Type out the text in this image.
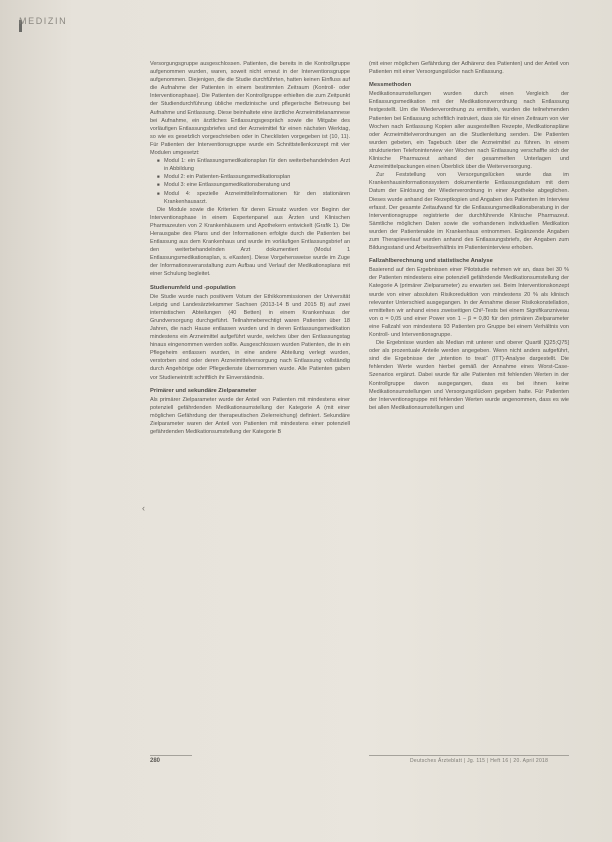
MEDIZIN

Versorgungsgruppe ausgeschlossen. Patienten, die bereits in die Kontrollgruppe aufgenommen wurden, waren, soweit nicht erneut in der Interventionsgruppe aufgenommen. Diejenigen, die die Studie durchführten, hatten keinen Einfluss auf die Aufnahme der Patienten in einem bestimmten Zeitraum (Kontroll- oder Interventionsphase). Die Patienten der Kontrollgruppe erhielten die zum Zeitpunkt der Studiendurchführung übliche medizinische und pflegerische Betreuung bei Aufnahme und Entlassung. Diese beinhaltete eine ärztliche Arzneimittelanamnese bei Aufnahme, ein ärztliches Entlassungsgespräch sowie die Mitgabe des vorläufigen Entlassungsbriefes und der Arzneimittel für einen nächsten Werktag, so wie es gesetzlich vorgeschrieben oder in Checklisten vorgegeben ist (10, 11). Für Patienten der Interventionsgruppe wurde ein Schnittstellenkonzept mit vier Modulen umgesetzt:

■ Modul 1: ein Entlassungsmedikationsplan für den weiterbehandelnden Arzt in Abbildung
■ Modul 2: ein Patienten-Entlassungsmedikationsplan
■ Modul 3: eine Entlassungsmedikationsberatung und
■ Modul 4: spezielle Arzneimittelinformationen für den stationären Krankenhausarzt.

Die Module sowie die Kriterien für deren Einsatz wurden vor Beginn der Interventionsphase in einem Expertenpanel aus Ärzten und Klinischen Pharmazeuten von 2 Krankenhäusern und Apothekern entwickelt (Grafik 1). Die Herausgabe des Plans und der Informationen erfolgte durch die Patienten bei Entlassung aus dem Krankenhaus und wurde im vorläufigen Entlassungsbrief an den weiterbehandelnden Arzt dokumentiert (Modul 1 Entlassungsmedikationsplan, s. eKasten). Diese Vorgehensweise wurde im Zuge der Informationsveranstaltung zum Aufbau und Verlauf der Medikationsplans mit einer Schulung begleitet.

Studienumfeld und -population

Die Studie wurde nach positivem Votum der Ethikkommissionen der Universität Leipzig und Landesärztekammer Sachsen (2013-14 B und 2015 B) auf zwei internistischen Abteilungen (40 Betten) in einem Krankenhaus der Grundversorgung durchgeführt. Teilnahmeberechtigt waren Patienten über 18 Jahren, die nach Hause entlassen wurden und in deren Entlassungsmedikation mindestens ein Arzneimittel aufgeführt wurde, welches über den Entlassungstag hinaus eingenommen werden sollte. Ausgeschlossen wurden Patienten, die in ein Pflegeheim entlassen wurden, in eine andere Abteilung verlegt wurden, verstorben sind oder deren Arzneimittelversorgung nach Entlassung vollständig durch Angehörige oder Pflegedienste übernommen wurde. Alle Patienten gaben vor Studieneintritt schriftlich ihr Einverständnis.

Primärer und sekundäre Zielparameter

Als primärer Zielparameter wurde der Anteil von Patienten mit mindestens einer potenziell gefährdenden Medikationsumstellung der Kategorie A (mit einer möglichen Gefährdung der therapeutischen Zielerreichung) definiert. Sekundäre Zielparameter waren der Anteil von Patienten mit mindestens einer potenziell gefährdenden Medikationsumstellung der Kategorie B

‹

(mit einer möglichen Gefährdung der Adhärenz des Patienten) und der Anteil von Patienten mit einer Versorgungslücke nach Entlassung.

Messmethoden

Medikationsumstellungen wurden durch einen Vergleich der Entlassungsmedikation mit der Medikationsverordnung nach Entlassung festgestellt. Um die Wiederverordnung zu ermitteln, wurden die teilnehmenden Patienten bei Entlassung schriftlich instruiert, dass sie für einen Zeitraum von vier Wochen nach Entlassung Kopien aller ausgestellten Rezepte, Medikationspläne oder Arzneimittelverordnungen an die Studienleitung senden. Die Patienten wurden gebeten, ein Tagebuch über die Arzneimittel zu führen. In einem strukturierten Telefoninterview vier Wochen nach Entlassung verschaffte sich der Klinische Pharmazeut anhand der gesammelten Unterlagen und Arzneimittelpackungen einen Überblick über die Weiterversorgung.

Zur Feststellung von Versorgungslücken wurde das im Krankenhausinformationssystem dokumentierte Entlassungsdatum mit dem Datum der Einlösung der Wiederverordnung in einer Apotheke abgeglichen. Dieses wurde anhand der Rezeptkopien und Angaben des Patienten im Interview erfasst. Der gesamte Zeitaufwand für die Entlassungsmedikationsberatung in der Interventionsgruppe registrierte der durchführende Klinische Pharmazeut. Sämtliche möglichen Daten sowie die vorhandenen individuellen Medikation wurden der Patientenakte im Krankenhaus entnommen. Ergänzende Angaben zum Therapieverlauf wurden anhand des Entlassungsbriefs, der Angaben zum Bildungsstand und Arbeitsverhältnis im Patienteninterview erhoben.

Fallzahlberechnung und statistische Analyse

Basierend auf den Ergebnissen einer Pilotstudie nehmen wir an, dass bei 30 % der Patienten mindestens eine potenziell gefährdende Medikationsumstellung der Kategorie A (primärer Zielparameter) zu erwarten sei. Beim Interventionskonzept wurde von einer absoluten Risikoreduktion von mindestens 20 % als klinisch relevanter Unterschied ausgegangen. In der Annahme dieser Risikokonstellation, ermittelten wir anhand eines zweiseitigen Chi²-Tests bei einem Signifikanzniveau von α = 0,05 und einer Power von 1 – β = 0,80 für den primären Zielparameter eine Fallzahl von mindestens 93 Patienten pro Gruppe bei einem Verhältnis von Kontroll- und Interventionsgruppe.

Die Ergebnisse wurden als Median mit unterer und oberer Quartil [Q25;Q75] oder als prozentuale Anteile werden angegeben. Wenn nicht anders aufgeführt, sind die Ergebnisse der „intention to treat“ (ITT)-Analyse dargestellt. Die fehlenden Werte wurden hierbei gemäß der Annahme eines Worst-Case-Szenarios ergänzt. Dabei wurde für alle Patienten mit fehlenden Werten in der Kontrollgruppe davon ausgegangen, dass es bei ihnen keine Medikationsumstellungen und Versorgungslücken gegeben hatte. Für Patienten der Interventionsgruppe mit fehlenden Werten wurde angenommen, dass es wie bei allen Medikationsumstellungen und

280	Deutsches Ärzteblatt | Jg. 115 | Heft 16 | 20. April 2018
